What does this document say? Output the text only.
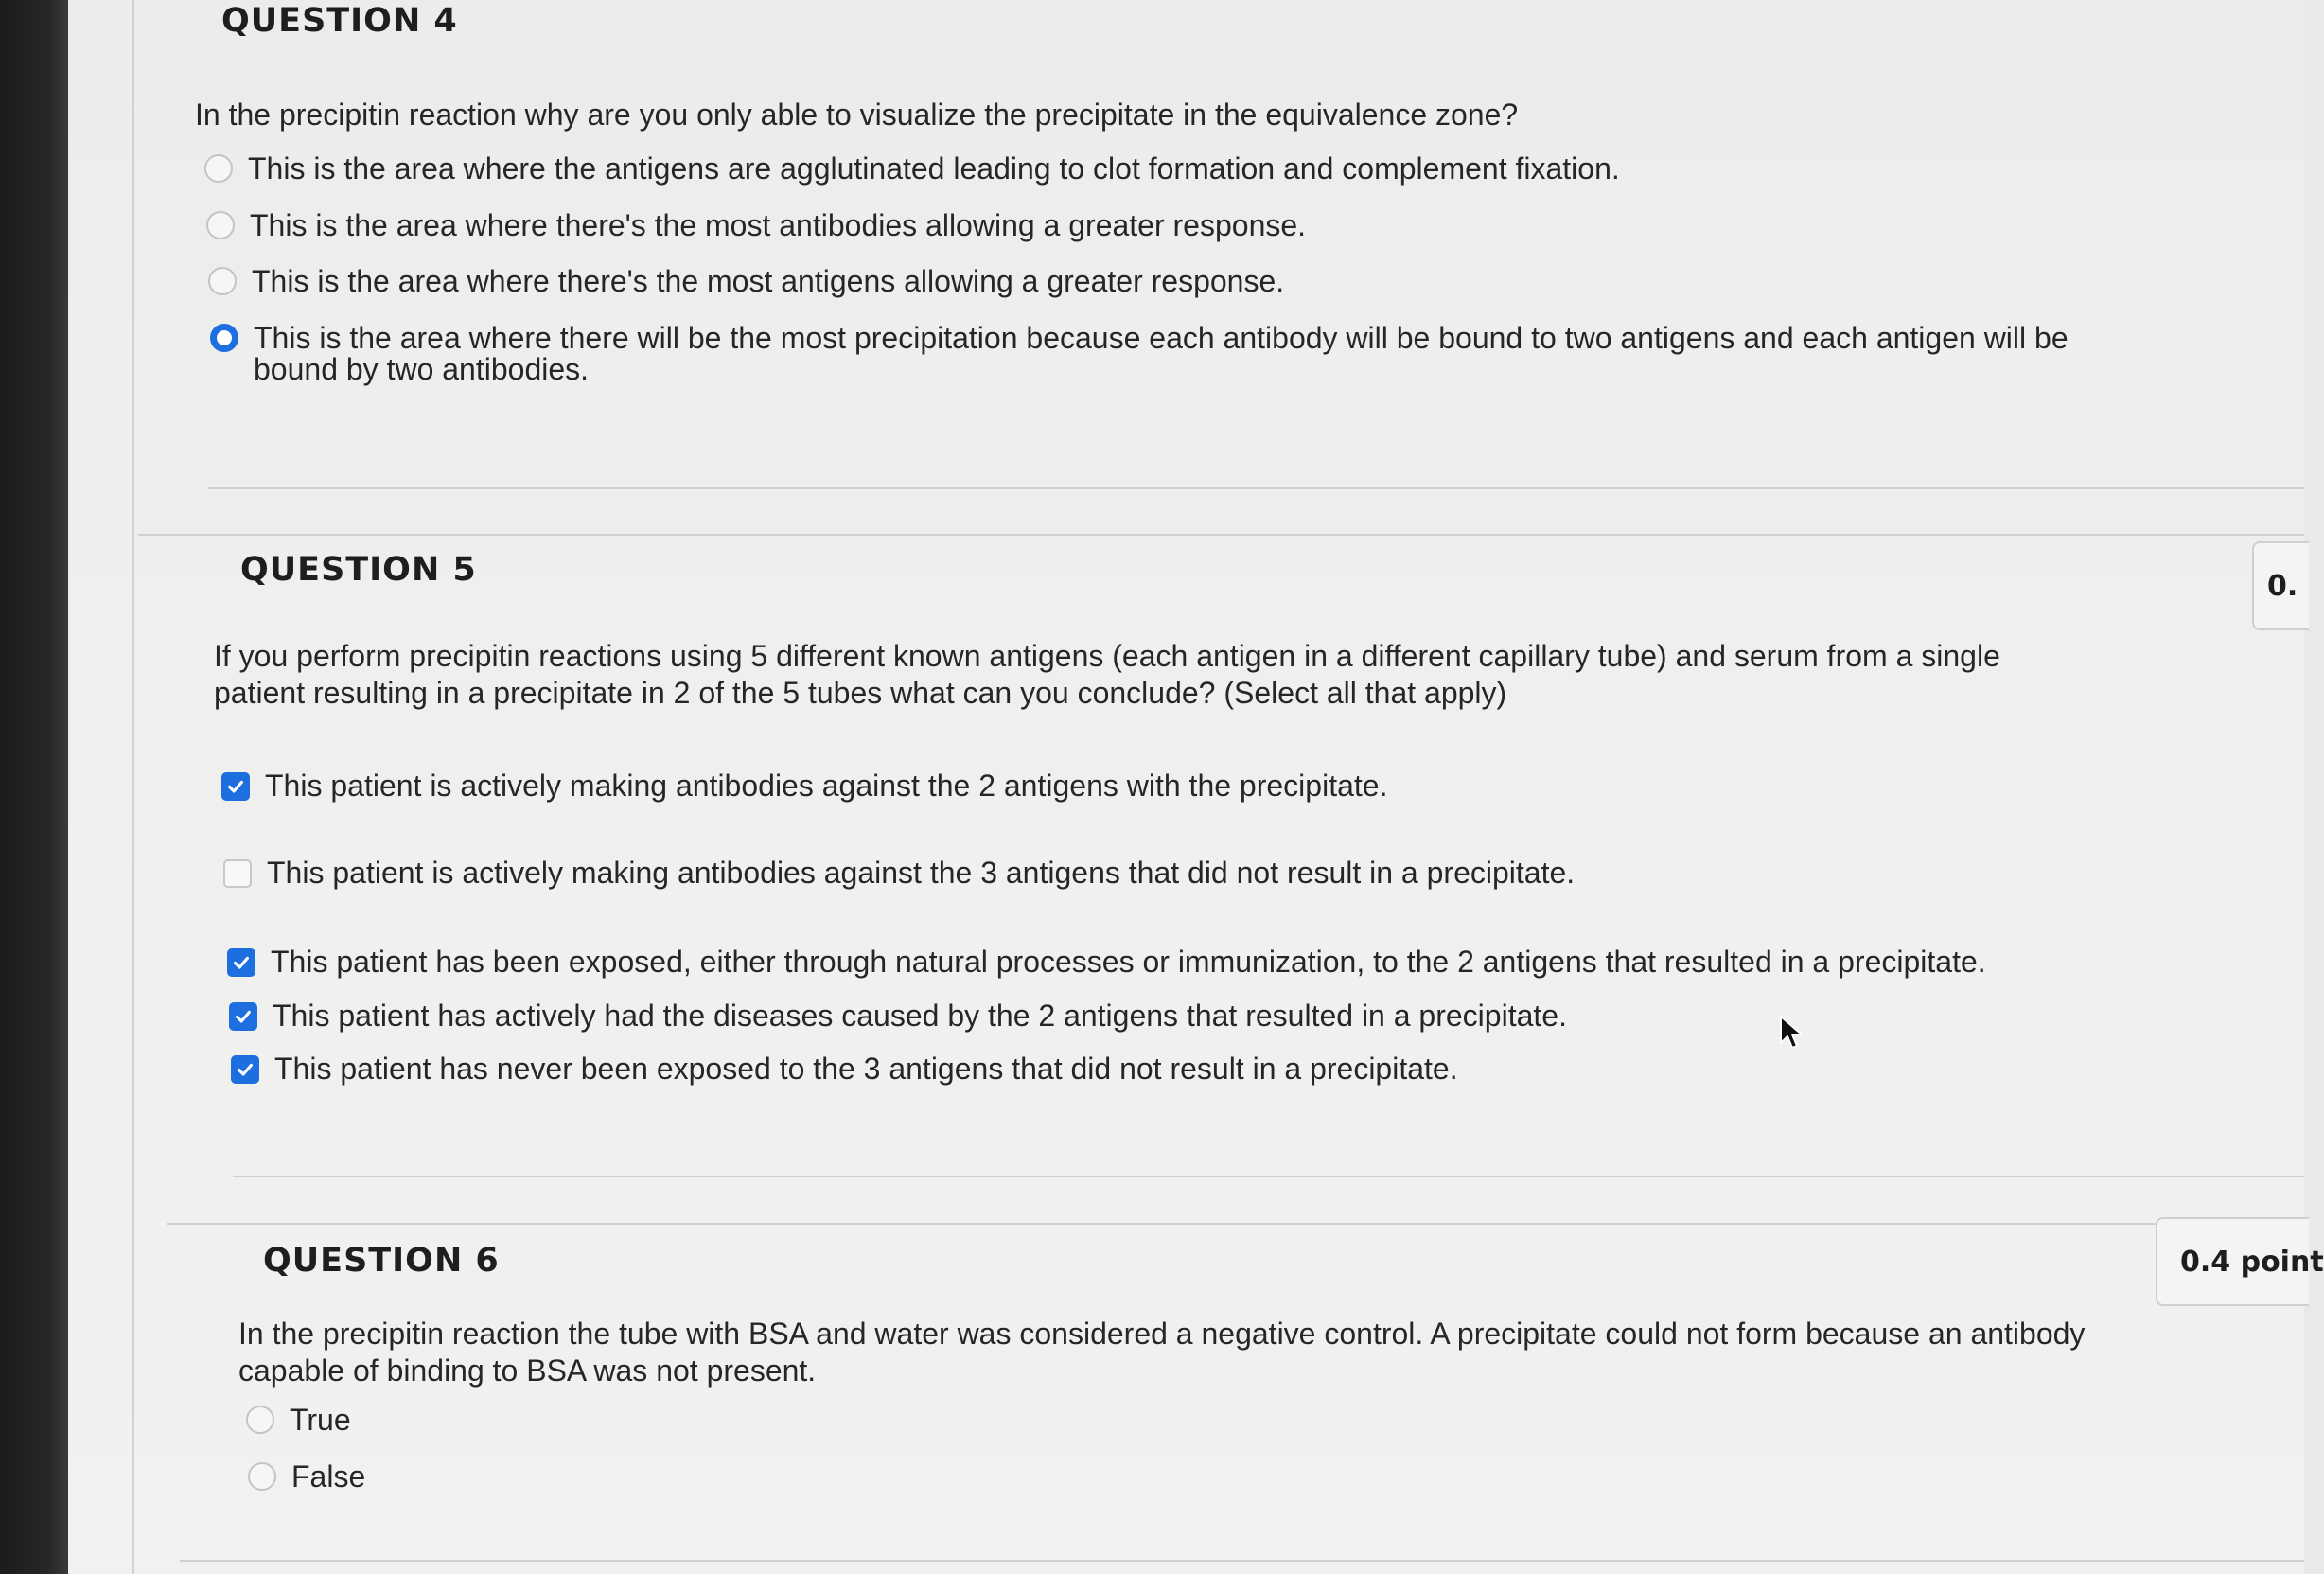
QUESTION 4
In the precipitin reaction why are you only able to visualize the precipitate in the equivalence zone?
This is the area where the antigens are agglutinated leading to clot formation and complement fixation.
This is the area where there's the most antibodies allowing a greater response.
This is the area where there's the most antigens allowing a greater response.
This is the area where there will be the most precipitation because each antibody will be bound to two antigens and each antigen will be bound by two antibodies.
QUESTION 5	0.
If you perform precipitin reactions using 5 different known antigens (each antigen in a different capillary tube) and serum from a single patient resulting in a precipitate in 2 of the 5 tubes what can you conclude? (Select all that apply)
This patient is actively making antibodies against the 2 antigens with the precipitate.
This patient is actively making antibodies against the 3 antigens that did not result in a precipitate.
This patient has been exposed, either through natural processes or immunization, to the 2 antigens that resulted in a precipitate.
This patient has actively had the diseases caused by the 2 antigens that resulted in a precipitate.
This patient has never been exposed to the 3 antigens that did not result in a precipitate.
QUESTION 6	0.4 point
In the precipitin reaction the tube with BSA and water was considered a negative control. A precipitate could not form because an antibody capable of binding to BSA was not present.
True
False
